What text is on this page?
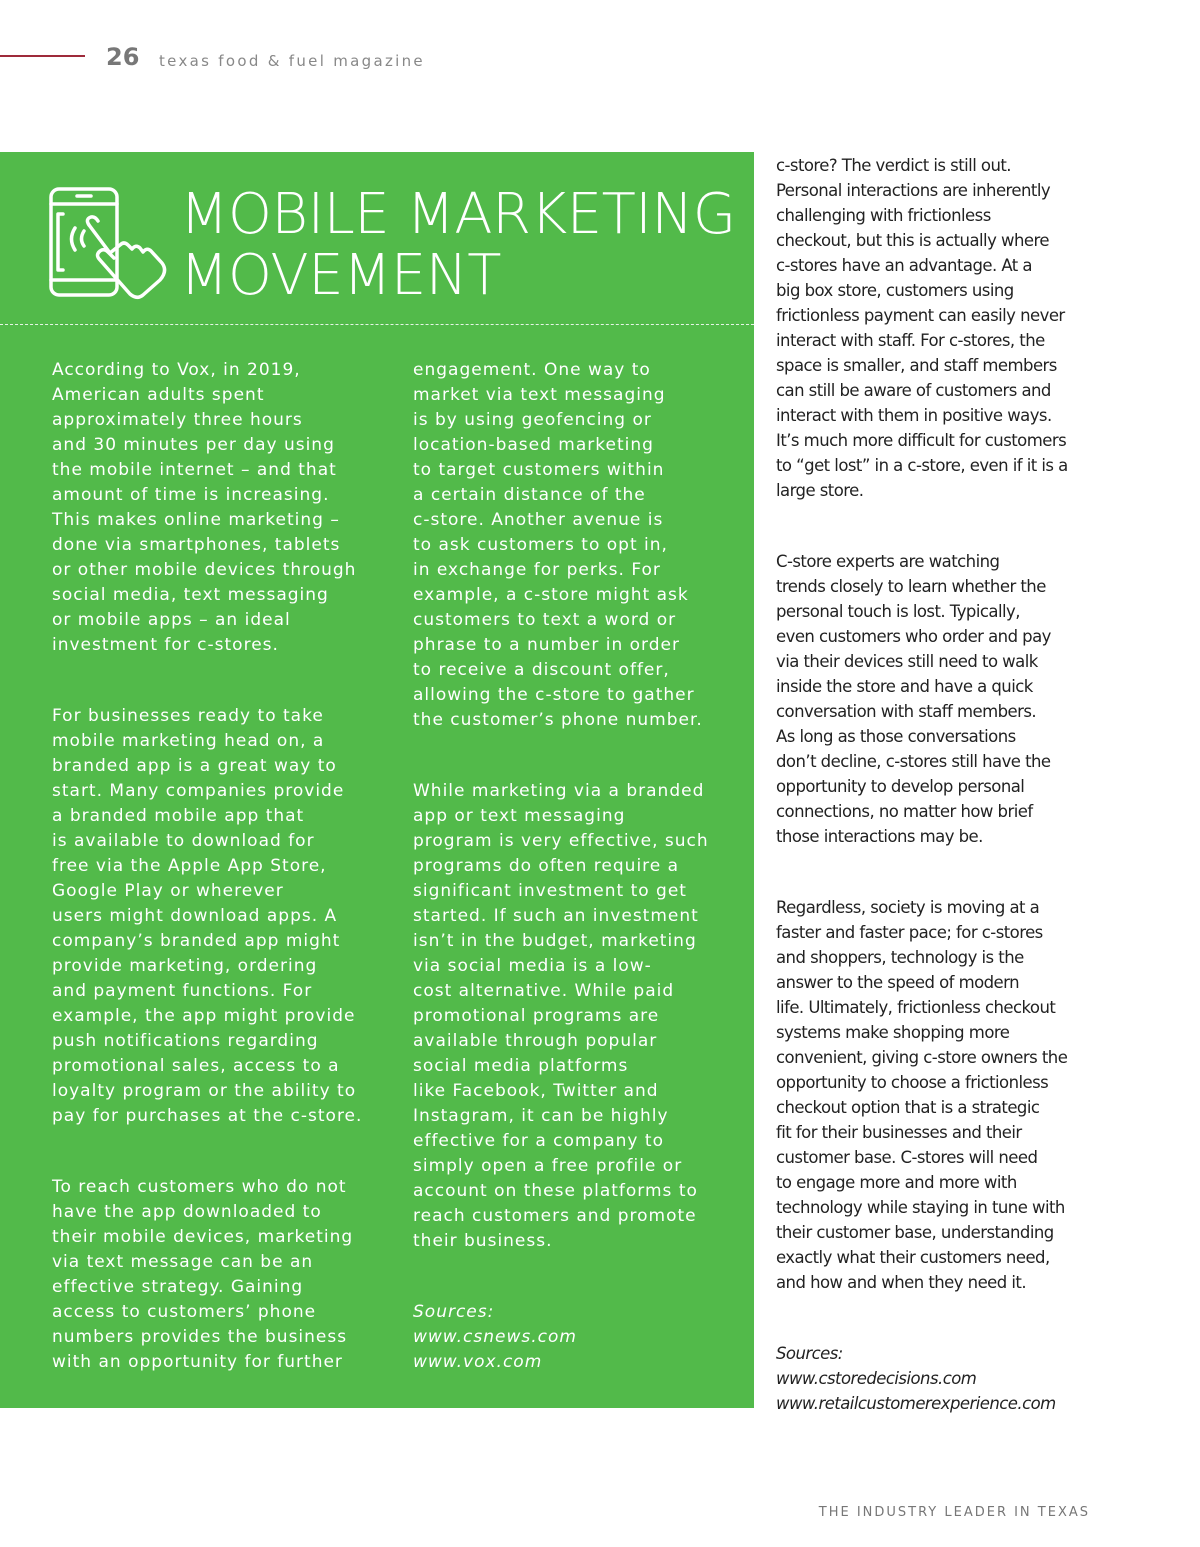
26 texas food & fuel magazine
MOBILE MARKETING
MOVEMENT

According to Vox, in 2019,
American adults spent
approximately three hours
and 30 minutes per day using
the mobile internet – and that
amount of time is increasing.
This makes online marketing –
done via smartphones, tablets
or other mobile devices through
social media, text messaging
or mobile apps – an ideal
investment for c-stores.

For businesses ready to take
mobile marketing head on, a
branded app is a great way to
start. Many companies provide
a branded mobile app that
is available to download for
free via the Apple App Store,
Google Play or wherever
users might download apps. A
company’s branded app might
provide marketing, ordering
and payment functions. For
example, the app might provide
push notifications regarding
promotional sales, access to a
loyalty program or the ability to
pay for purchases at the c-store.

To reach customers who do not
have the app downloaded to
their mobile devices, marketing
via text message can be an
effective strategy. Gaining
access to customers’ phone
numbers provides the business
with an opportunity for further

engagement. One way to
market via text messaging
is by using geofencing or
location-based marketing
to target customers within
a certain distance of the
c-store. Another avenue is
to ask customers to opt in,
in exchange for perks. For
example, a c-store might ask
customers to text a word or
phrase to a number in order
to receive a discount offer,
allowing the c-store to gather
the customer’s phone number.

While marketing via a branded
app or text messaging
program is very effective, such
programs do often require a
significant investment to get
started. If such an investment
isn’t in the budget, marketing
via social media is a low-
cost alternative. While paid
promotional programs are
available through popular
social media platforms
like Facebook, Twitter and
Instagram, it can be highly
effective for a company to
simply open a free profile or
account on these platforms to
reach customers and promote
their business.

Sources:
www.csnews.com
www.vox.com

c-store? The verdict is still out.
Personal interactions are inherently
challenging with frictionless
checkout, but this is actually where
c-stores have an advantage. At a
big box store, customers using
frictionless payment can easily never
interact with staff. For c-stores, the
space is smaller, and staff members
can still be aware of customers and
interact with them in positive ways.
It’s much more difficult for customers
to “get lost” in a c-store, even if it is a
large store.

C-store experts are watching
trends closely to learn whether the
personal touch is lost. Typically,
even customers who order and pay
via their devices still need to walk
inside the store and have a quick
conversation with staff members.
As long as those conversations
don’t decline, c-stores still have the
opportunity to develop personal
connections, no matter how brief
those interactions may be.

Regardless, society is moving at a
faster and faster pace; for c-stores
and shoppers, technology is the
answer to the speed of modern
life. Ultimately, frictionless checkout
systems make shopping more
convenient, giving c-store owners the
opportunity to choose a frictionless
checkout option that is a strategic
fit for their businesses and their
customer base. C-stores will need
to engage more and more with
technology while staying in tune with
their customer base, understanding
exactly what their customers need,
and how and when they need it.

Sources:
www.cstoredecisions.com
www.retailcustomerexperience.com

THE INDUSTRY LEADER IN TEXAS
